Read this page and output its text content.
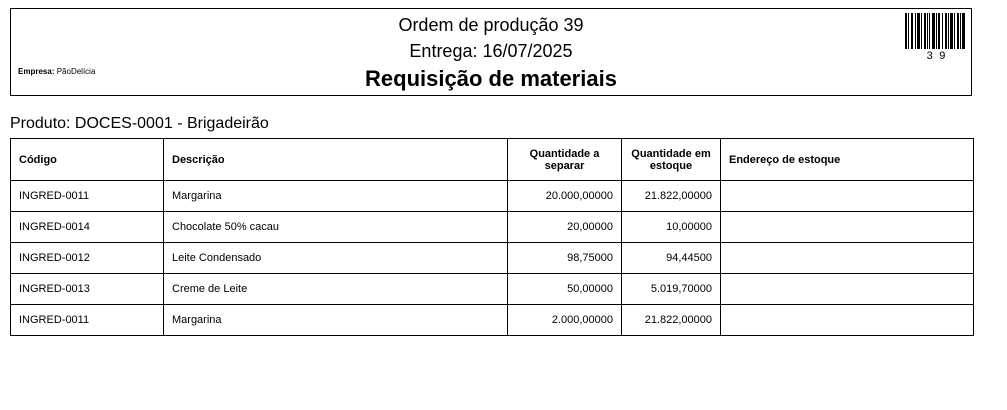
Ordem de produção 39
Entrega: 16/07/2025
Requisição de materiais
Empresa: PãoDelícia
39
Produto: DOCES-0001 - Brigadeirão
Código	Descrição	Quantidade a separar	Quantidade em estoque	Endereço de estoque
INGRED-0011	Margarina	20.000,00000	21.822,00000	
INGRED-0014	Chocolate 50% cacau	20,00000	10,00000	
INGRED-0012	Leite Condensado	98,75000	94,44500	
INGRED-0013	Creme de Leite	50,00000	5.019,70000	
INGRED-0011	Margarina	2.000,00000	21.822,00000	
